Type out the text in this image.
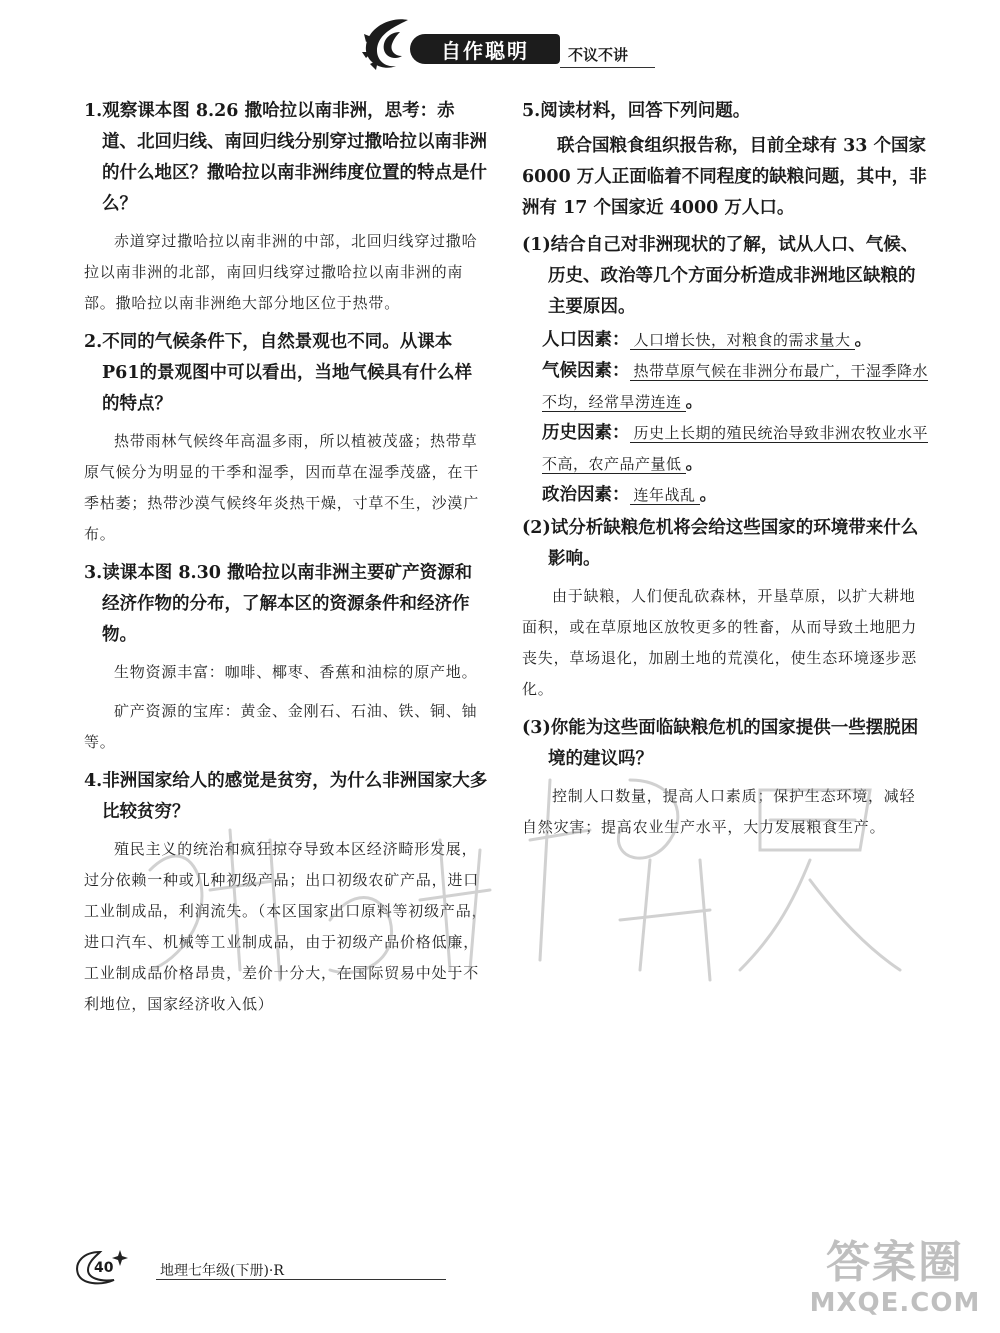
自作聪明	不议不讲

1.观察课本图 8.26 撒哈拉以南非洲，思考：赤道、北回归线、南回归线分别穿过撒哈拉以南非洲的什么地区？撒哈拉以南非洲纬度位置的特点是什么？

赤道穿过撒哈拉以南非洲的中部，北回归线穿过撒哈拉以南非洲的北部，南回归线穿过撒哈拉以南非洲的南部。撒哈拉以南非洲绝大部分地区位于热带。

2.不同的气候条件下，自然景观也不同。从课本P61的景观图中可以看出，当地气候具有什么样的特点？

热带雨林气候终年高温多雨，所以植被茂盛；热带草原气候分为明显的干季和湿季，因而草在湿季茂盛，在干季枯萎；热带沙漠气候终年炎热干燥，寸草不生，沙漠广布。

3.读课本图 8.30 撒哈拉以南非洲主要矿产资源和经济作物的分布，了解本区的资源条件和经济作物。

生物资源丰富：咖啡、椰枣、香蕉和油棕的原产地。

矿产资源的宝库：黄金、金刚石、石油、铁、铜、铀等。

4.非洲国家给人的感觉是贫穷，为什么非洲国家大多比较贫穷？

殖民主义的统治和疯狂掠夺导致本区经济畸形发展，过分依赖一种或几种初级产品；出口初级农矿产品，进口工业制成品，利润流失。（本区国家出口原料等初级产品，进口汽车、机械等工业制成品，由于初级产品价格低廉，工业制成品价格昂贵，差价十分大，在国际贸易中处于不利地位，国家经济收入低）

5.阅读材料，回答下列问题。

联合国粮食组织报告称，目前全球有 33 个国家 6000 万人正面临着不同程度的缺粮问题，其中，非洲有 17 个国家近 4000 万人口。

(1)结合自己对非洲现状的了解，试从人口、气候、历史、政治等几个方面分析造成非洲地区缺粮的主要原因。

人口因素： 人口增长快，对粮食的需求量大 。

气候因素： 热带草原气候在非洲分布最广，干湿季降水不均，经常旱涝连连 。

历史因素： 历史上长期的殖民统治导致非洲农牧业水平不高，农产品产量低 。

政治因素： 连年战乱 。

(2)试分析缺粮危机将会给这些国家的环境带来什么影响。

由于缺粮，人们便乱砍森林，开垦草原，以扩大耕地面积，或在草原地区放牧更多的牲畜，从而导致土地肥力丧失，草场退化，加剧土地的荒漠化，使生态环境逐步恶化。

(3)你能为这些面临缺粮危机的国家提供一些摆脱困境的建议吗？

控制人口数量，提高人口素质；保护生态环境，减轻自然灾害；提高农业生产水平，大力发展粮食生产。

40	地理七年级(下册)·R	答案圈
MXQE.COM
